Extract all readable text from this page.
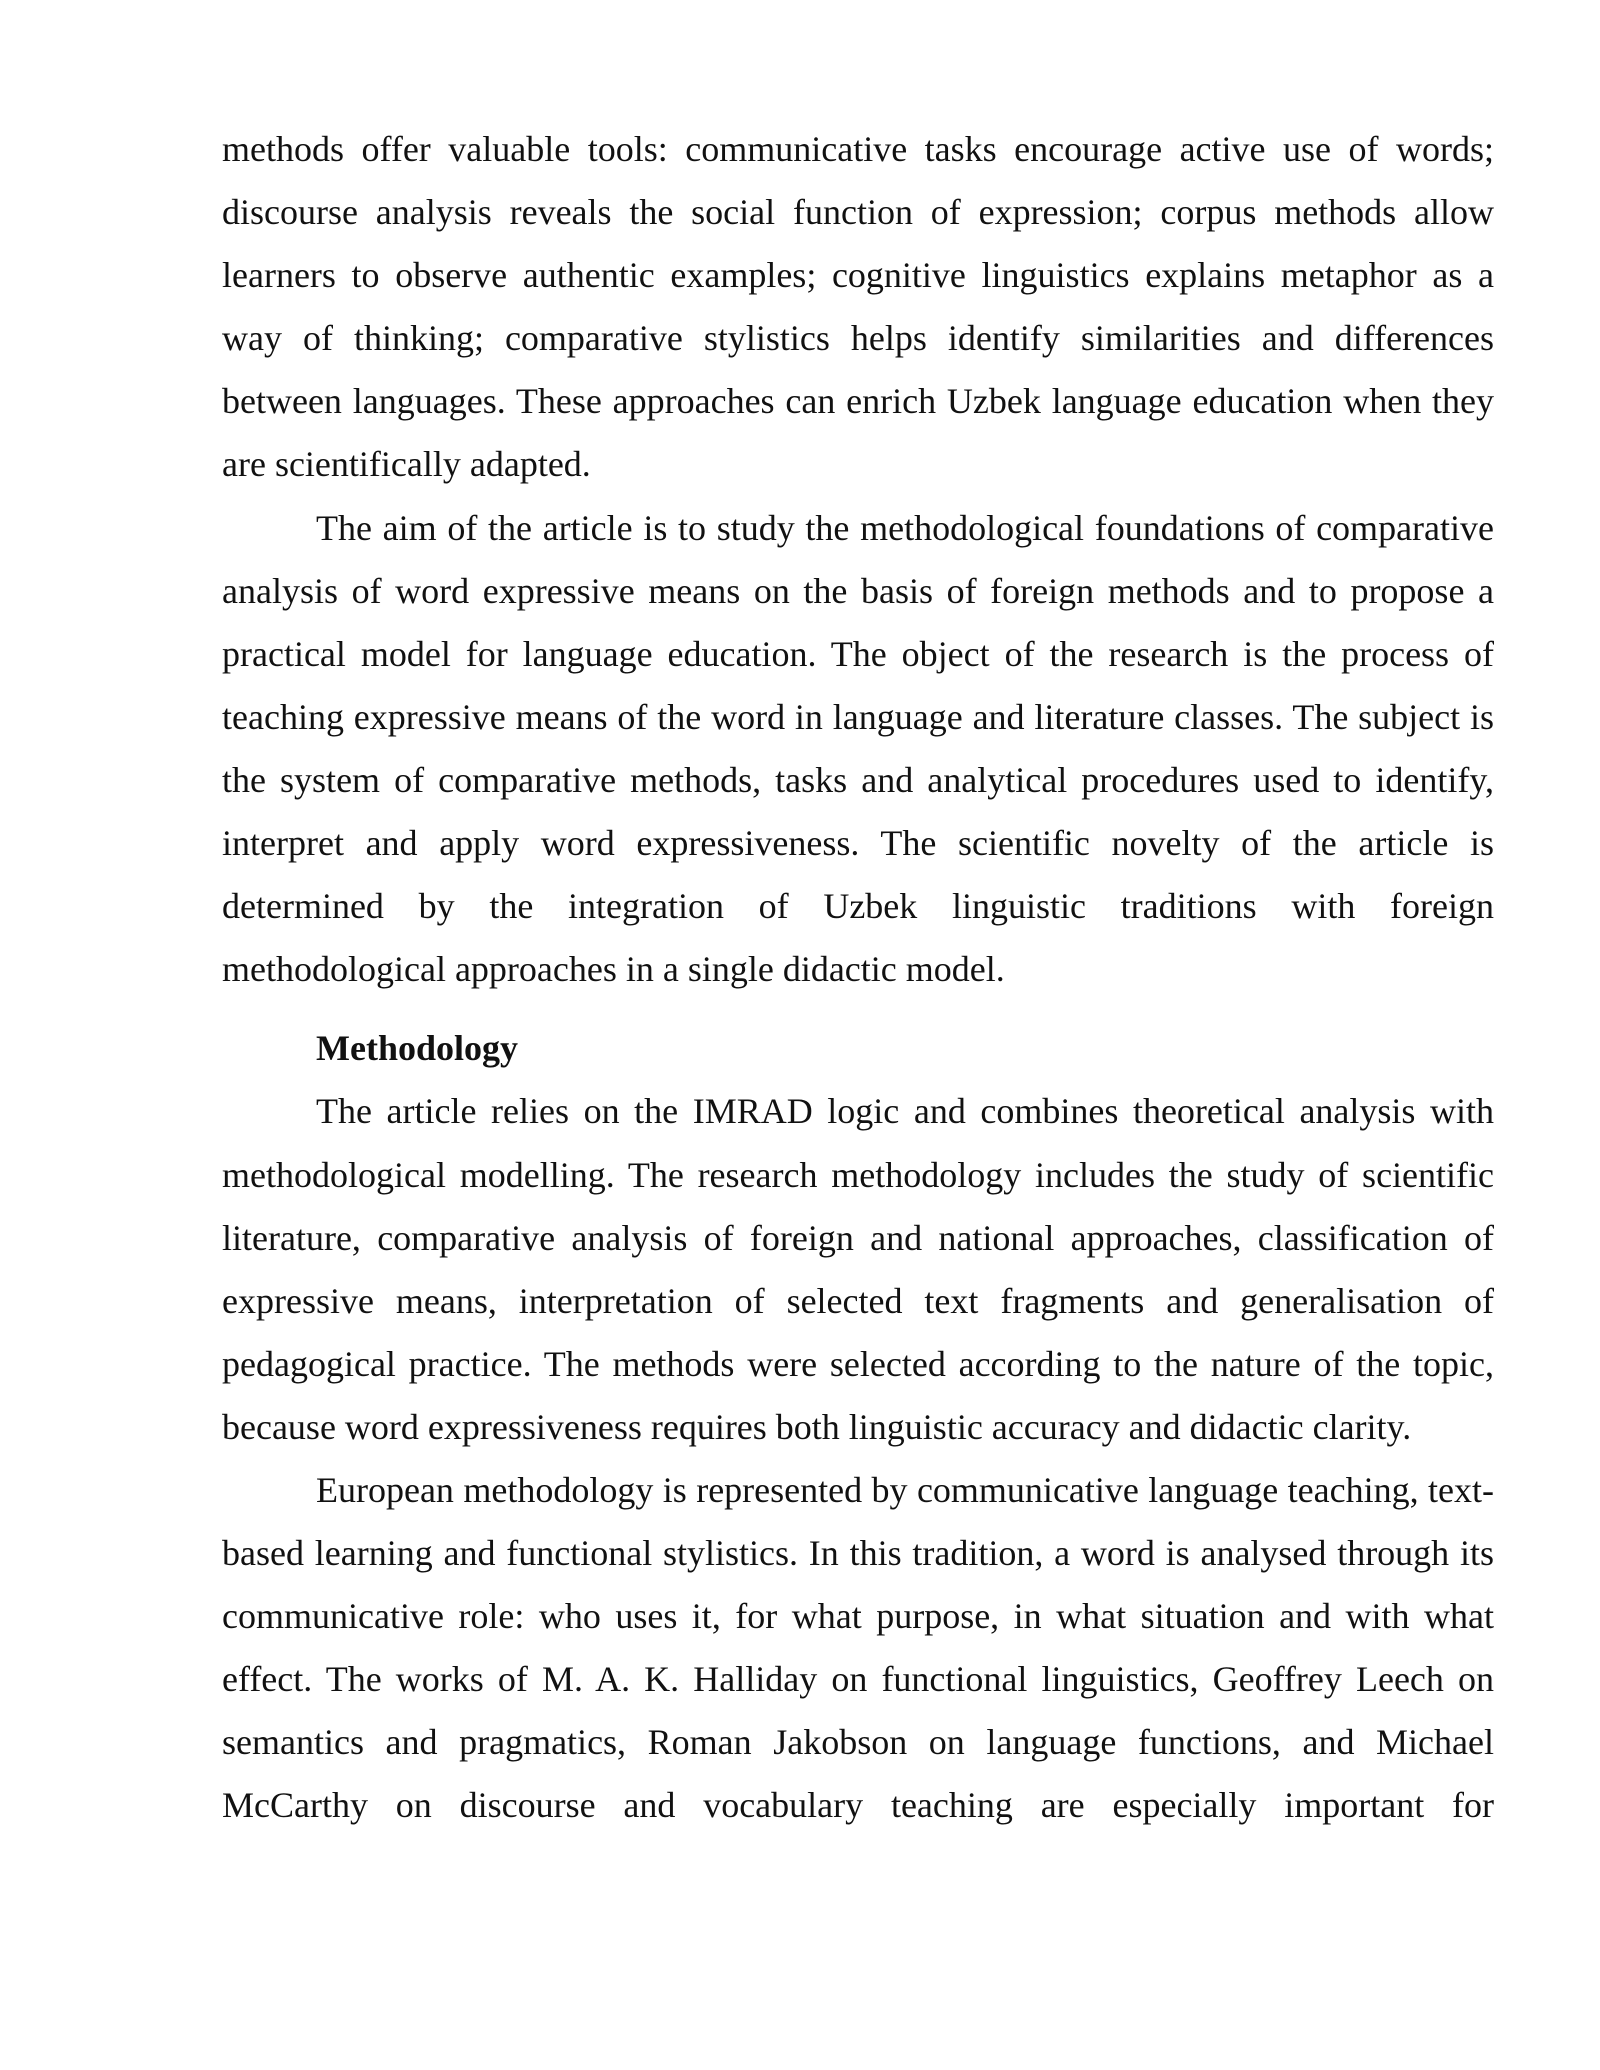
methods offer valuable tools: communicative tasks encourage active use of words; discourse analysis reveals the social function of expression; corpus methods allow learners to observe authentic examples; cognitive linguistics explains metaphor as a way of thinking; comparative stylistics helps identify similarities and differences between languages. These approaches can enrich Uzbek language education when they are scientifically adapted.

The aim of the article is to study the methodological foundations of comparative analysis of word expressive means on the basis of foreign methods and to propose a practical model for language education. The object of the research is the process of teaching expressive means of the word in language and literature classes. The subject is the system of comparative methods, tasks and analytical procedures used to identify, interpret and apply word expressiveness. The scientific novelty of the article is determined by the integration of Uzbek linguistic traditions with foreign methodological approaches in a single didactic model.

Methodology

The article relies on the IMRAD logic and combines theoretical analysis with methodological modelling. The research methodology includes the study of scientific literature, comparative analysis of foreign and national approaches, classification of expressive means, interpretation of selected text fragments and generalisation of pedagogical practice. The methods were selected according to the nature of the topic, because word expressiveness requires both linguistic accuracy and didactic clarity.

European methodology is represented by communicative language teaching, text-based learning and functional stylistics. In this tradition, a word is analysed through its communicative role: who uses it, for what purpose, in what situation and with what effect. The works of M. A. K. Halliday on functional linguistics, Geoffrey Leech on semantics and pragmatics, Roman Jakobson on language functions, and Michael McCarthy on discourse and vocabulary teaching are especially important for
